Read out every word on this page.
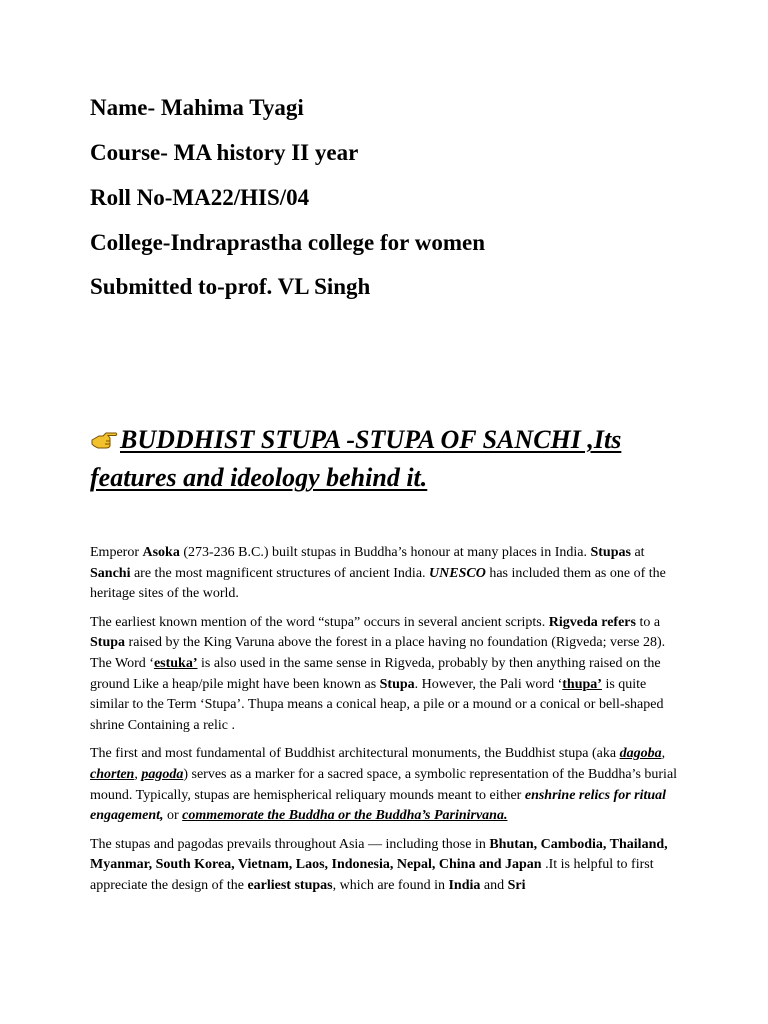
Name- Mahima Tyagi

Course- MA history II year

Roll No-MA22/HIS/04

College-Indraprastha college for women

Submitted to-prof. VL Singh

BUDDHIST STUPA -STUPA OF SANCHI ,Its
features and ideology behind it.

Emperor Asoka (273-236 B.C.) built stupas in Buddha’s honour at many places in India. Stupas at Sanchi are the most magnificent structures of ancient India. UNESCO has included them as one of the heritage sites of the world.

The earliest known mention of the word “stupa” occurs in several ancient scripts. Rigveda refers to a Stupa raised by the King Varuna above the forest in a place having no foundation (Rigveda; verse 28). The Word ‘estuka’ is also used in the same sense in Rigveda, probably by then anything raised on the ground Like a heap/pile might have been known as Stupa. However, the Pali word ‘thupa’ is quite similar to the Term ‘Stupa’. Thupa means a conical heap, a pile or a mound or a conical or bell-shaped shrine Containing a relic .

The first and most fundamental of Buddhist architectural monuments, the Buddhist stupa (aka dagoba, chorten, pagoda) serves as a marker for a sacred space, a symbolic representation of the Buddha’s burial mound. Typically, stupas are hemispherical reliquary mounds meant to either enshrine relics for ritual engagement, or commemorate the Buddha or the Buddha’s Parinirvana.

The stupas and pagodas prevails throughout Asia — including those in Bhutan, Cambodia, Thailand, Myanmar, South Korea, Vietnam, Laos, Indonesia, Nepal, China and Japan .It is helpful to first appreciate the design of the earliest stupas, which are found in India and Sri
